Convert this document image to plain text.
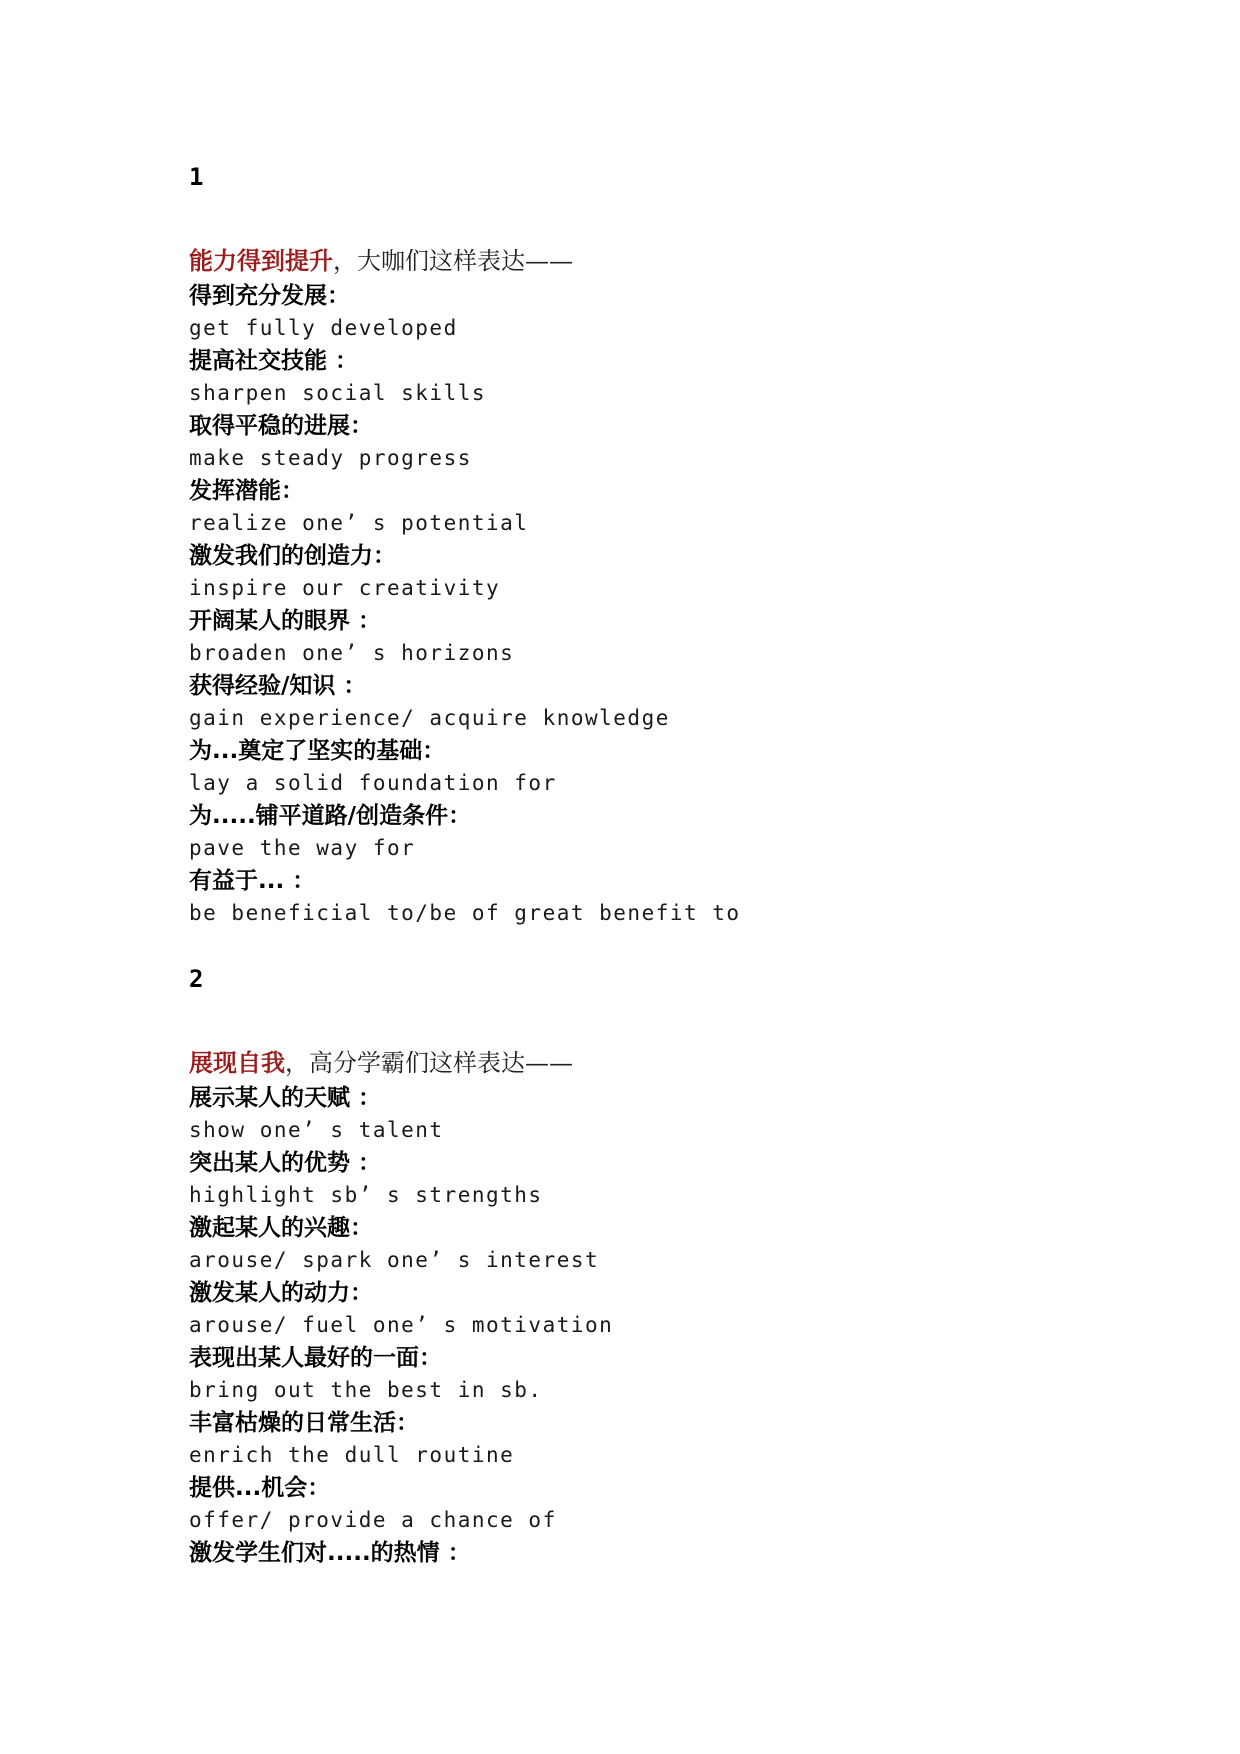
1
能力得到提升，大咖们这样表达——
得到充分发展：
get fully developed
提高社交技能 ：
sharpen social skills
取得平稳的进展：
make steady progress
发挥潜能：
realize one’ s potential
激发我们的创造力：
inspire our creativity
开阔某人的眼界 ：
broaden one’ s horizons
获得经验/知识 ：
gain experience/ acquire knowledge
为...奠定了坚实的基础：
lay a solid foundation for
为.....铺平道路/创造条件：
pave the way for
有益于... ：
be beneficial to/be of great benefit to
2
展现自我，高分学霸们这样表达——
展示某人的天赋 ：
show one’ s talent
突出某人的优势 ：
highlight sb’ s strengths
激起某人的兴趣：
arouse/ spark one’ s interest
激发某人的动力：
arouse/ fuel one’ s motivation
表现出某人最好的一面：
bring out the best in sb.
丰富枯燥的日常生活：
enrich the dull routine
提供...机会：
offer/ provide a chance of
激发学生们对.....的热情 ：
